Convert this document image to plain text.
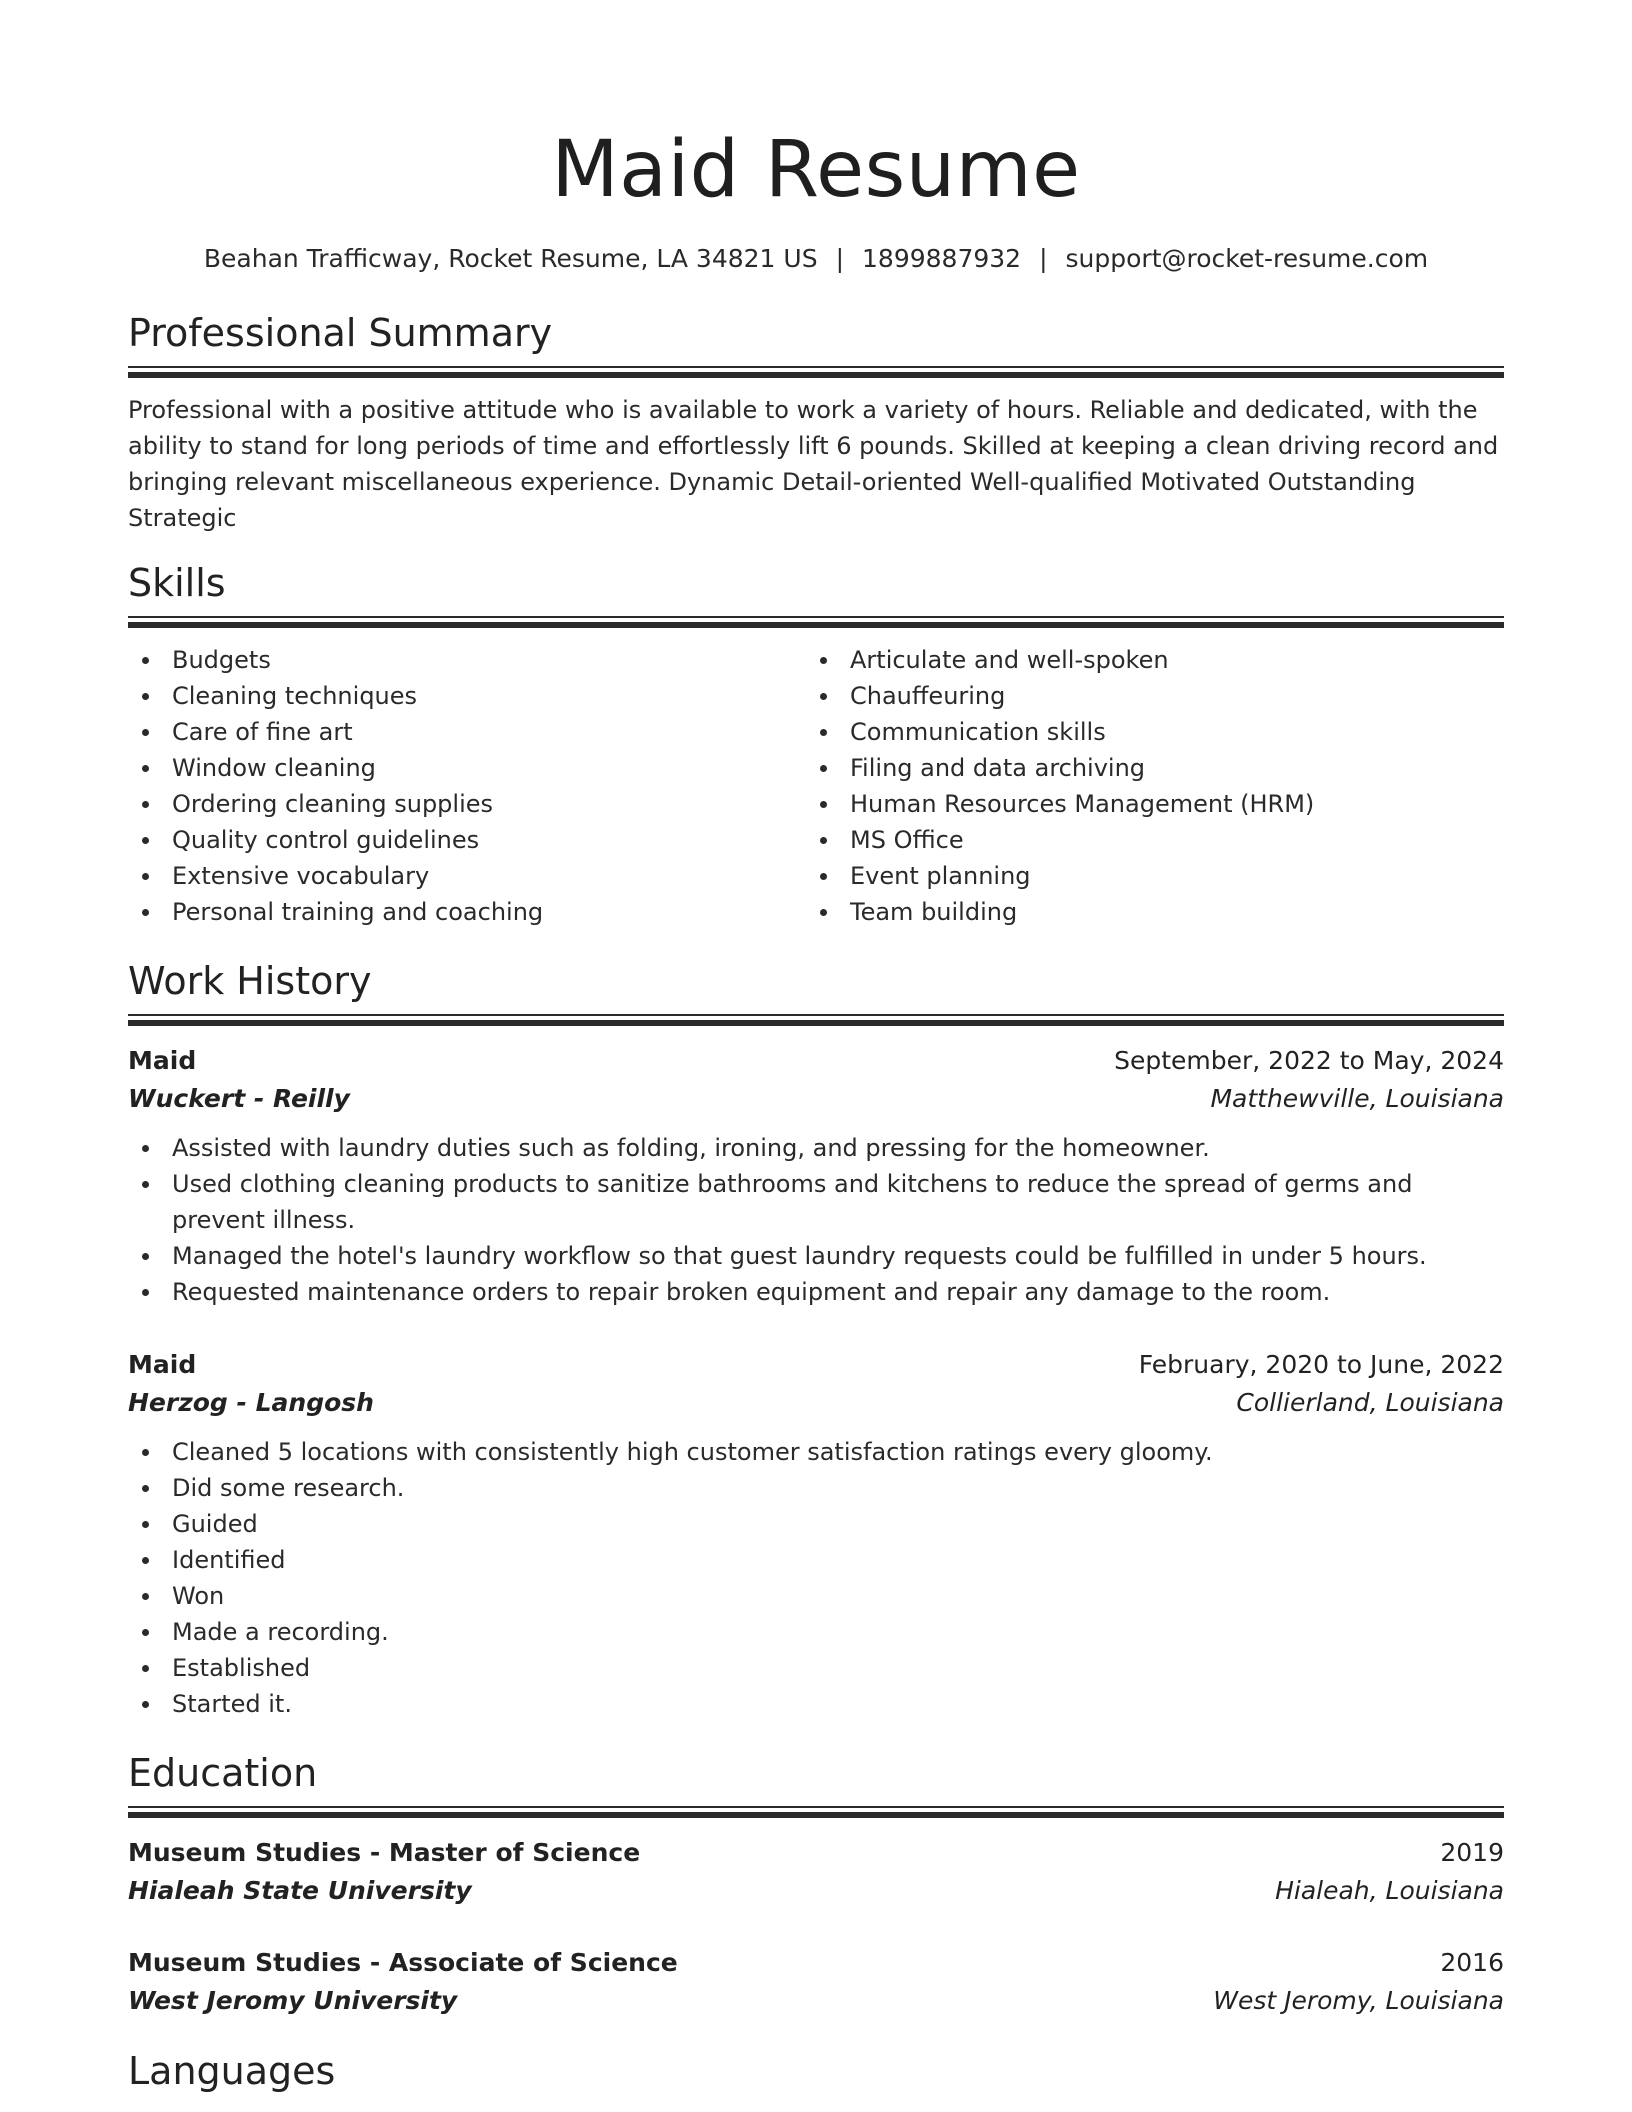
Maid Resume
Beahan Trafficway, Rocket Resume, LA 34821 US | 1899887932 | support@rocket-resume.com
Professional Summary

Professional with a positive attitude who is available to work a variety of hours. Reliable and dedicated, with the ability to stand for long periods of time and effortlessly lift 6 pounds. Skilled at keeping a clean driving record and bringing relevant miscellaneous experience. Dynamic Detail-oriented Well-qualified Motivated Outstanding Strategic

Skills
Budgets
Cleaning techniques
Care of fine art
Window cleaning
Ordering cleaning supplies
Quality control guidelines
Extensive vocabulary
Personal training and coaching
Articulate and well-spoken
Chauffeuring
Communication skills
Filing and data archiving
Human Resources Management (HRM)
MS Office
Event planning
Team building
Work History
Maid	September, 2022 to May, 2024
Wuckert - Reilly	Matthewville, Louisiana
Assisted with laundry duties such as folding, ironing, and pressing for the homeowner.
Used clothing cleaning products to sanitize bathrooms and kitchens to reduce the spread of germs and prevent illness.
Managed the hotel's laundry workflow so that guest laundry requests could be fulfilled in under 5 hours.
Requested maintenance orders to repair broken equipment and repair any damage to the room.
Maid	February, 2020 to June, 2022
Herzog - Langosh	Collierland, Louisiana
Cleaned 5 locations with consistently high customer satisfaction ratings every gloomy.
Did some research.
Guided
Identified
Won
Made a recording.
Established
Started it.
Education
Museum Studies - Master of Science	2019
Hialeah State University	Hialeah, Louisiana
Museum Studies - Associate of Science	2016
West Jeromy University	West Jeromy, Louisiana
Languages
